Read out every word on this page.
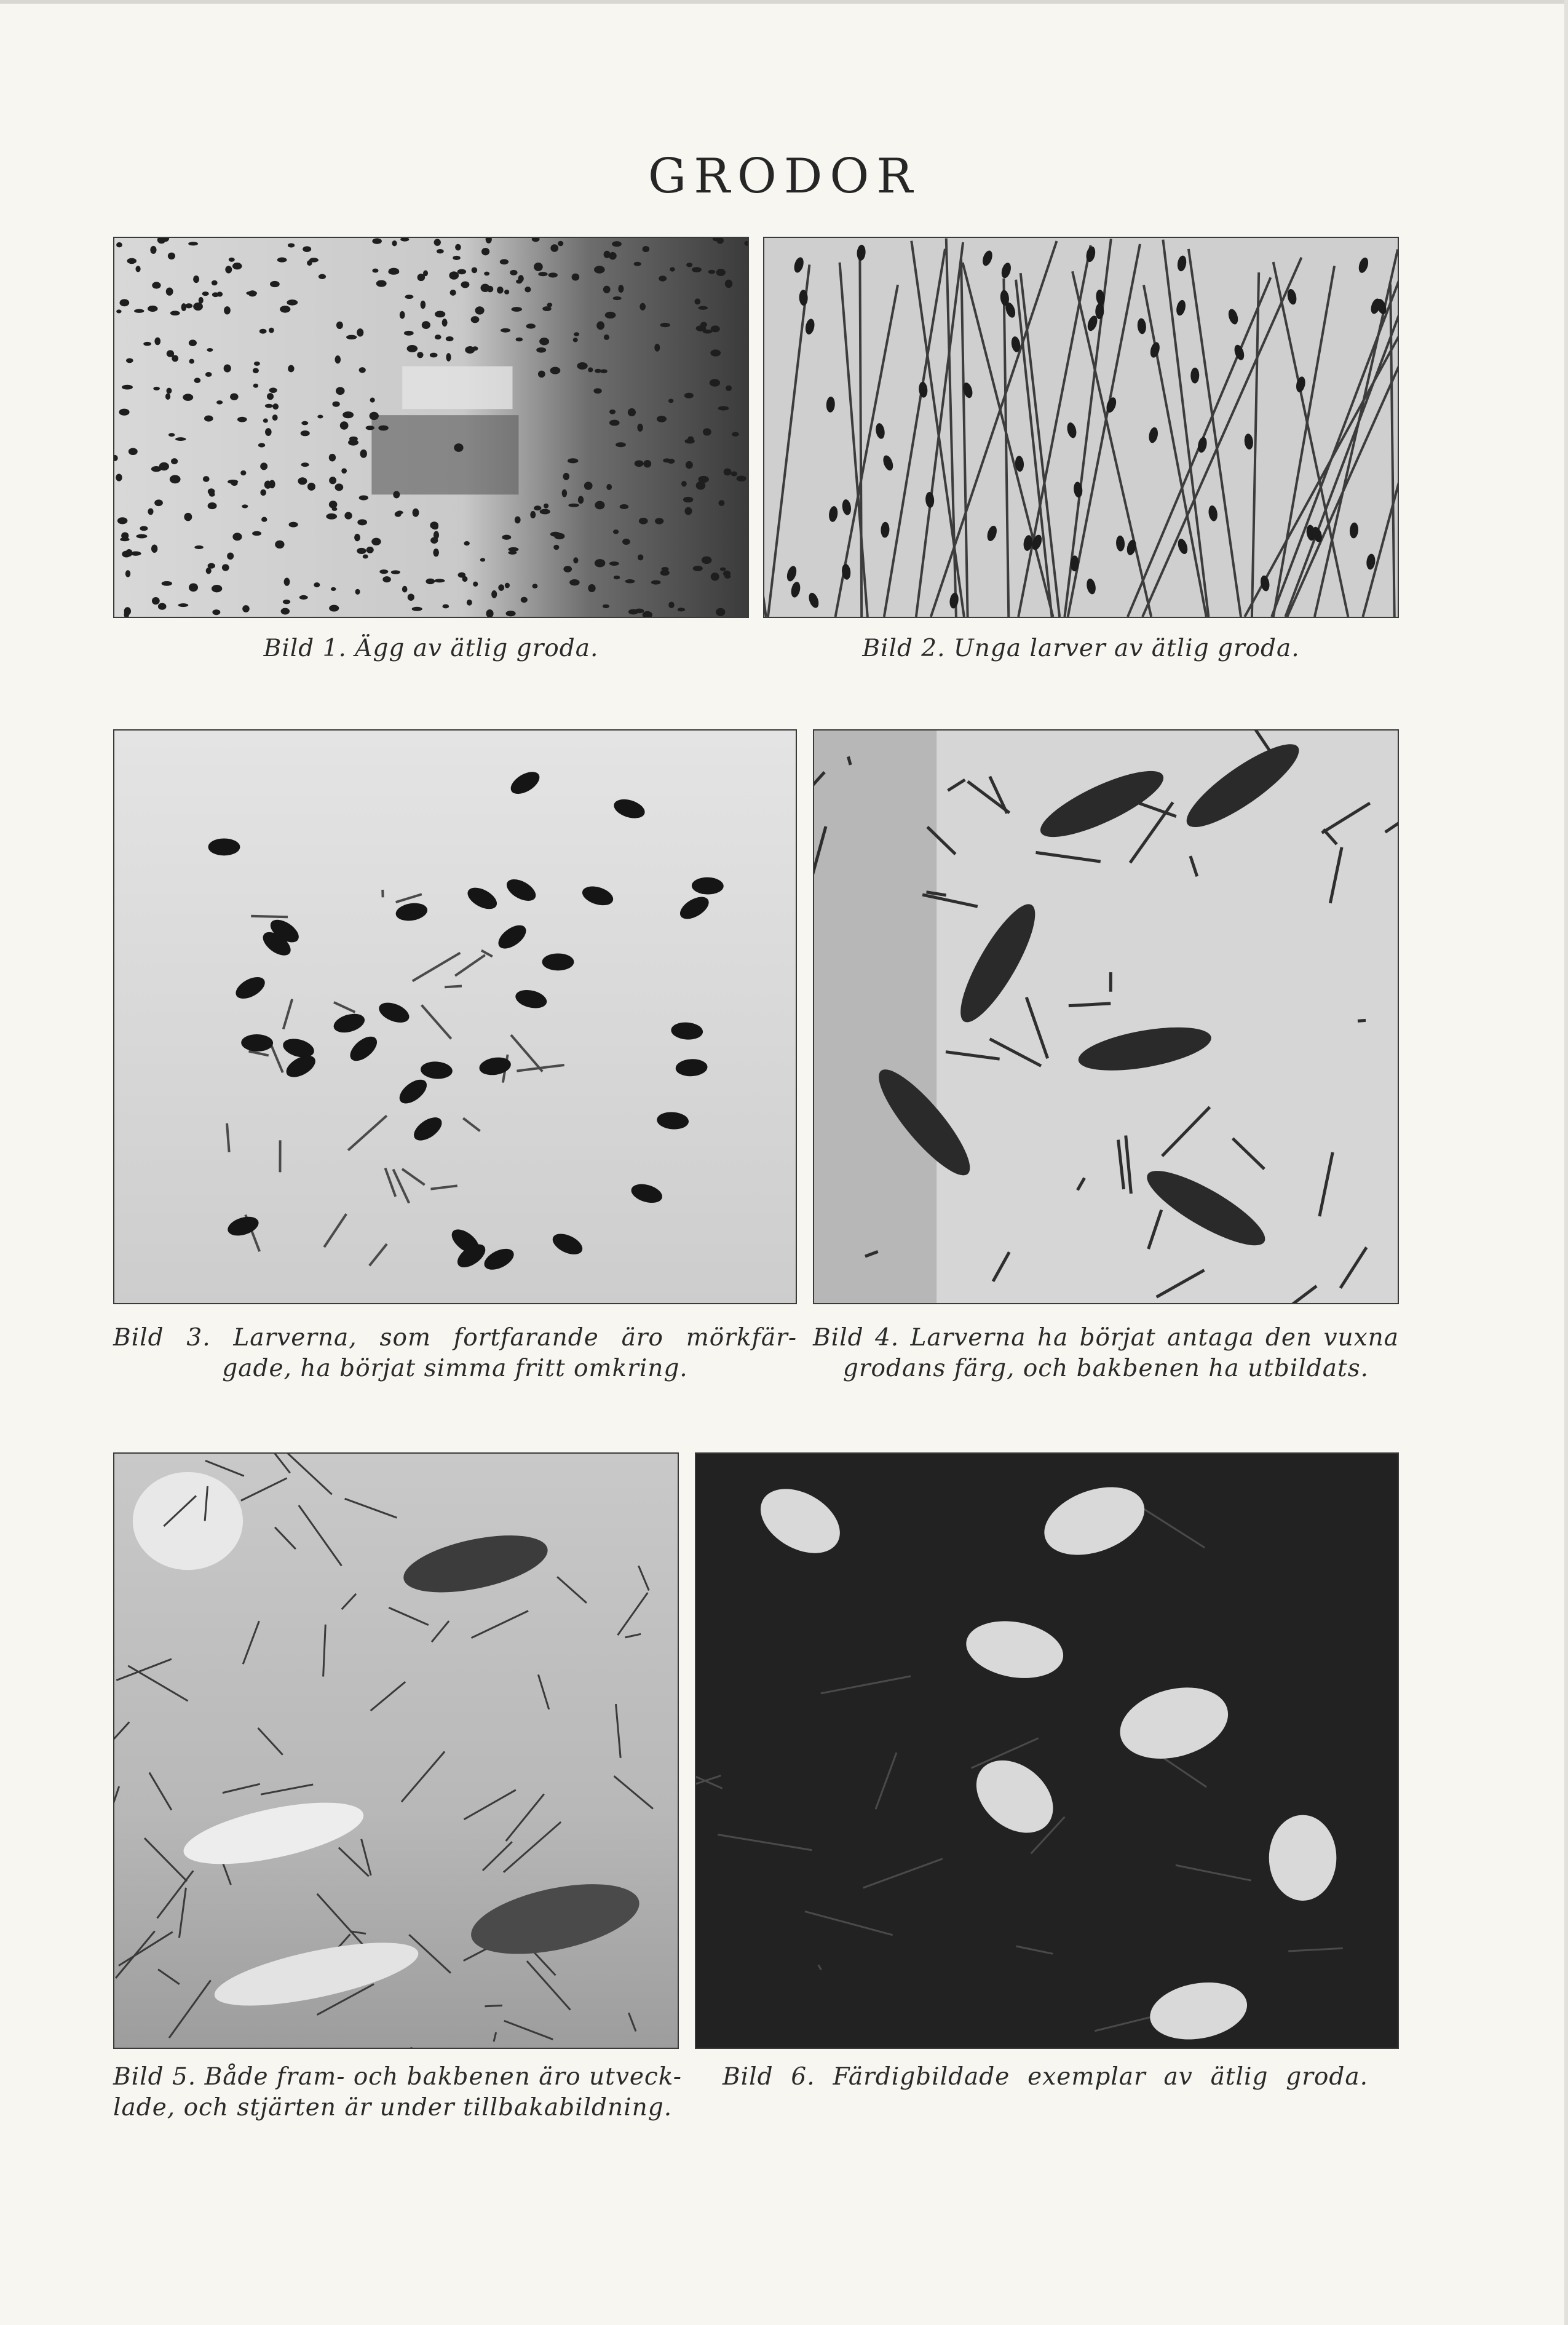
GRODOR
Bild 1. Ägg av ätlig groda.	Bild 2. Unga larver av ätlig groda.
Bild 3. Larverna, som fortfarande äro mörkfär-
gade, ha börjat simma fritt omkring.
Bild 4. Larverna ha börjat antaga den vuxna
grodans färg, och bakbenen ha utbildats.
Bild 5. Både fram- och bakbenen äro utveck-
lade, och stjärten är under tillbakabildning.
Bild 6. Färdigbildade exemplar av ätlig groda.
